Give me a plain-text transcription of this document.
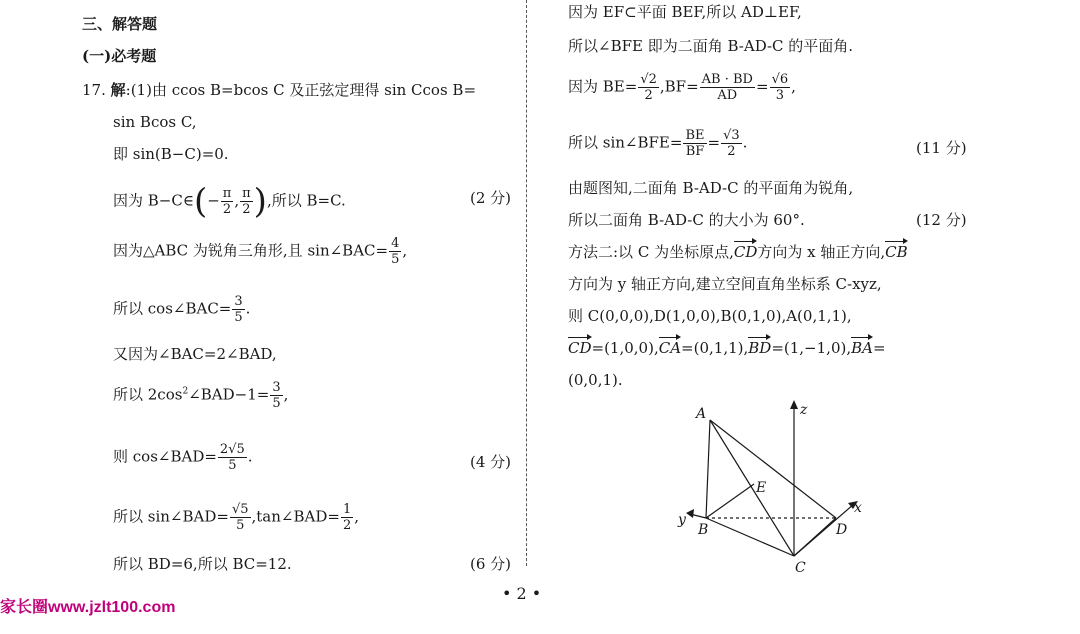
三、解答题
(一)必考题
17. 解:(1)由 ccos B=bcos C 及正弦定理得 sin Ccos B=
sin Bcos C,
即 sin(B−C)=0.
因为 B−C∈(− $\frac{\pi}{2}$ , $\frac{\pi}{2}$ ),所以 B=C.	(2 分)
因为△ABC 为锐角三角形,且 sin∠BAC= $\frac{4}{5}$ ,
所以 cos∠BAC= $\frac{3}{5}$ .
又因为∠BAC=2∠BAD,
所以 $2\cos^2\angle BAD-1= \frac{3}{5}$ ,
则 cos∠BAD= $\frac{2√5}{5}$ .	(4 分)
所以 sin∠BAD= $\frac{√5}{5}$ ,tan∠BAD= $\frac{1}{2}$ ,
所以 BD=6,所以 BC=12.	(6 分)
因为 EF⊂平面 BEF,所以 AD⊥EF,
所以∠BFE 即为二面角 B-AD-C 的平面角.
因为 $BE= \frac{√2}{2} ,BF= \frac{AB \cdot BD}{AD} = \frac{√6}{3}$ ,
所以 sin∠BFE= $\frac{BE}{BF} = \frac{√3}{2}$ .	(11 分)
由题图知,二面角 B-AD-C 的平面角为锐角,
所以二面角 B-AD-C 的大小为 60°.	(12 分)
方法二:以 C 为坐标原点,CD方向为 x 轴正方向,CB
方向为 y 轴正方向,建立空间直角坐标系 C-xyz,
则 C(0,0,0),D(1,0,0),B(0,1,0),A(0,1,1),
CD=(1,0,0),CA=(0,1,1),BD=(1,−1,0),BA=
(0,0,1).
A
B
C
D
E
x
y
z
• 2 •
家长圈www.jzlt100.com
